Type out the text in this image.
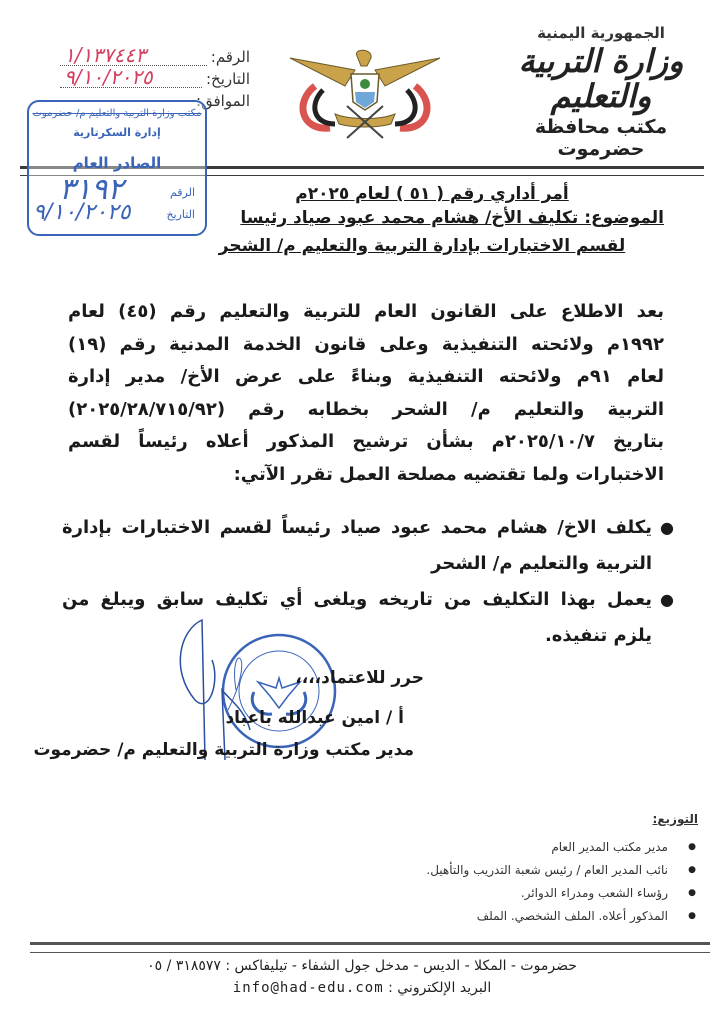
الجمهورية اليمنية
وزارة التربية والتعليم
مكتب محافظة حضرموت
الرقم:
١/١٣٧٤٤٣
التاريخ:
٩/١٠/٢٠٢٥
الموافق:
مكتب وزارة التربية والتعليم م/ حضرموت
إدارة السكرتارية
الصادر العام
٣١٩٢	الرقم
٩/١٠/٢٠٢٥	التاريخ
أمر أداري رقم ( ٥١ ) لعام ٢٠٢٥م
الموضوع: تكليف الأخ/ هشام محمد عبود صياد رئيسا
لقسم الاختبارات بإدارة التربية والتعليم م/ الشحر

بعد الاطلاع على القانون العام للتربية والتعليم رقم (٤٥) لعام

١٩٩٢م ولائحته التنفيذية وعلى قانون الخدمة المدنية رقم (١٩)

لعام ٩١م ولائحته التنفيذية وبناءً على عرض الأخ/ مدير إدارة

التربية والتعليم م/ الشحر بخطابه رقم (٢٠٢٥/٢٨/٧١٥/٩٢)

بتاريخ ٢٠٢٥/١٠/٧م بشأن ترشيح المذكور أعلاه رئيساً لقسم

الاختبارات ولما تقتضيه مصلحة العمل تقرر الآتي:

●
يكلف الاخ/ هشام محمد عبود صياد رئيساً لقسم الاختبارات بإدارة
التربية والتعليم م/ الشحر
●
يعمل بهذا التكليف من تاريخه ويلغى أي تكليف سابق ويبلغ من
يلزم تنفيذه.
حرر للاعتماد،،،،
أ / امين عبدالله باعباد
مدير مكتب وزارة التربية والتعليم م/ حضرموت
التوزيع:
● مدير مكتب المدير العام
● نائب المدير العام / رئيس شعبة التدريب والتأهيل.
● رؤساء الشعب ومدراء الدوائر.
● المذكور أعلاه. الملف الشخصي. الملف
حضرموت - المكلا - الديس - مدخل جول الشفاء - تيليفاكس : ٣١٨٥٧٧ / ٠٥
البريد الإلكتروني : info@had-edu.com
